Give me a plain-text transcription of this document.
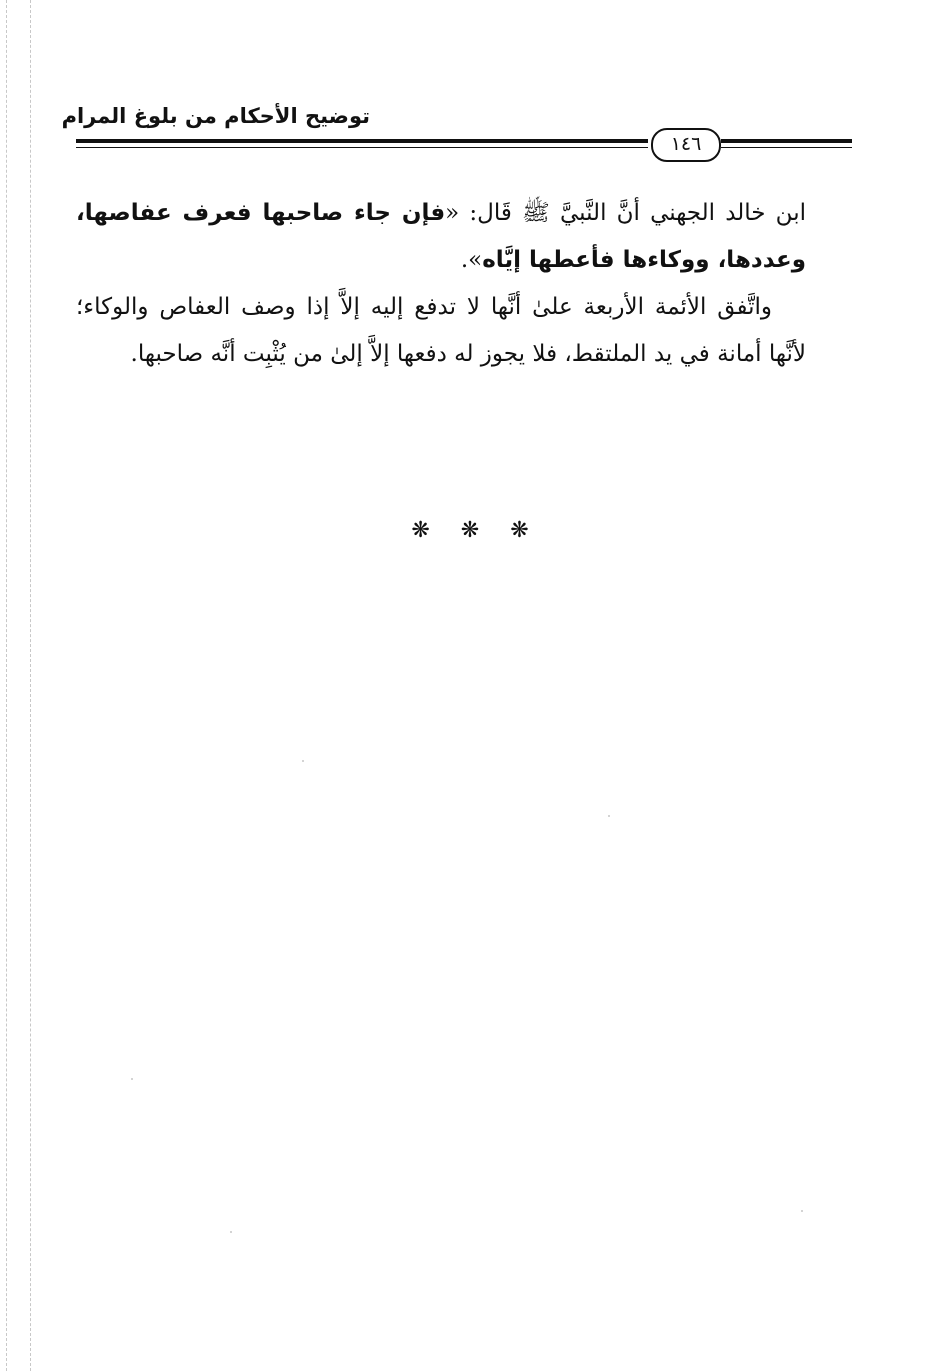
توضيح الأحكام من بلوغ المرام
١٤٦

ابن خالد الجهني أنَّ النَّبيَّ ﷺ قَال: «فإن جاء صاحبها فعرف عفاصها، وعددها، ووكاءها فأعطها إيَّاه».

واتَّفق الأئمة الأربعة علىٰ أنَّها لا تدفع إليه إلاَّ إذا وصف العفاص والوكاء؛ لأنَّها أمانة في يد الملتقط، فلا يجوز له دفعها إلاَّ إلىٰ من يُثْبِت أنَّه صاحبها.

❋ ❋ ❋
